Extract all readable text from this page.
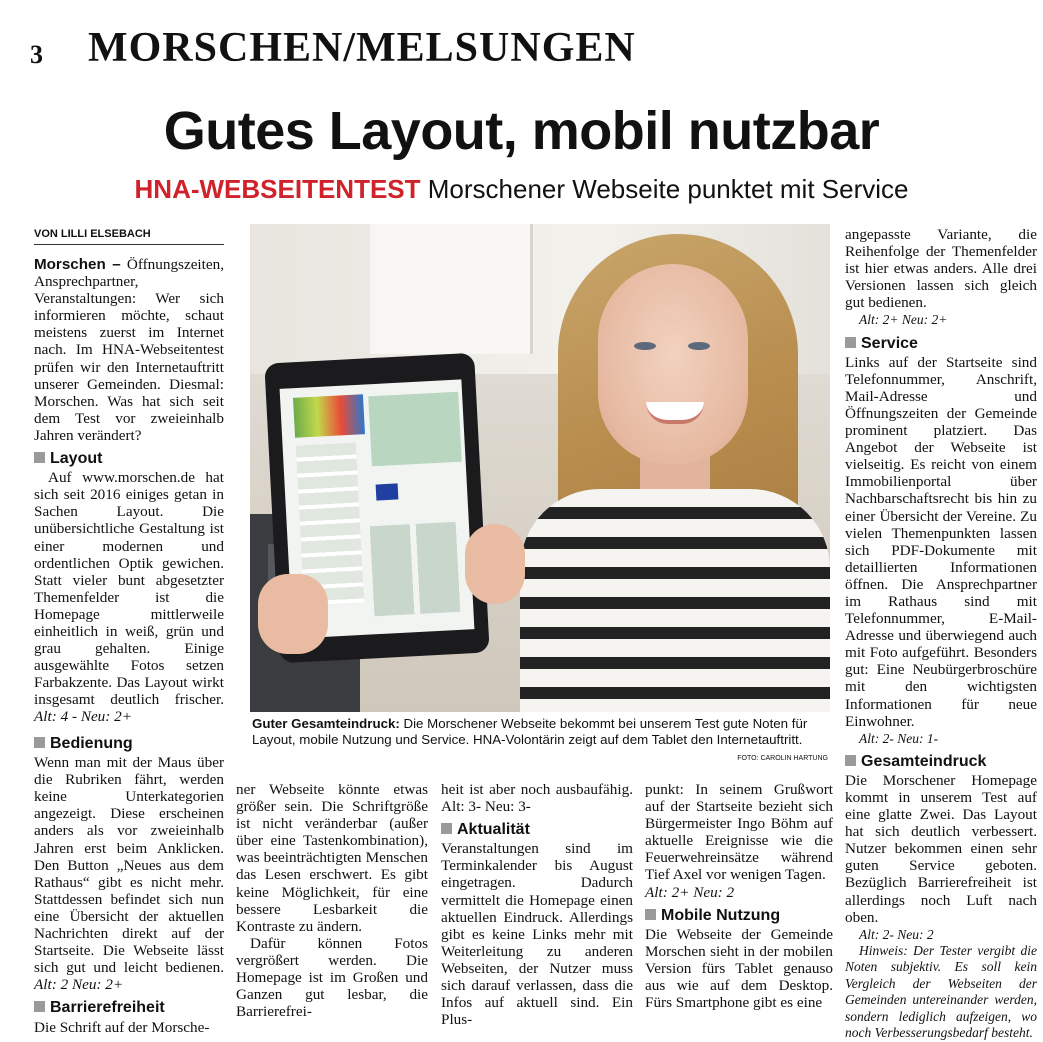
3 MORSCHEN/MELSUNGEN
Gutes Layout, mobil nutzbar
HNA-WEBSEITENTEST Morschener Webseite punktet mit Service
VON LILLI ELSEBACH

Morschen – Öffnungszeiten, Ansprechpartner, Veranstaltungen: Wer sich informieren möchte, schaut meistens zuerst im Internet nach. Im HNA-Webseitentest prüfen wir den Internetauftritt unserer Gemeinden. Diesmal: Morschen. Was hat sich seit dem Test vor zweieinhalb Jahren verändert?

Layout

Auf www.morschen.de hat sich seit 2016 einiges getan in Sachen Layout. Die unübersichtliche Gestaltung ist einer modernen und ordentlichen Optik gewichen. Statt vieler bunt abgesetzter Themenfelder ist die Homepage mittlerweile einheitlich in weiß, grün und grau gehalten. Einige ausgewählte Fotos setzen Farbakzente. Das Layout wirkt insgesamt deutlich frischer. Alt: 4 - Neu: 2+

Bedienung

Wenn man mit der Maus über die Rubriken fährt, werden keine Unterkategorien angezeigt. Diese erscheinen anders als vor zweieinhalb Jahren erst beim Anklicken. Den Button „Neues aus dem Rathaus“ gibt es nicht mehr. Stattdessen befindet sich nun eine Übersicht der aktuellen Nachrichten direkt auf der Startseite. Die Webseite lässt sich gut und leicht bedienen. Alt: 2 Neu: 2+

Barrierefreiheit

Die Schrift auf der Morsche-

Guter Gesamteindruck: Die Morschener Webseite bekommt bei unserem Test gute Noten für Layout, mobile Nutzung und Service. HNA-Volontärin zeigt auf dem Tablet den Internetauftritt.
FOTO: CAROLIN HARTUNG

ner Webseite könnte etwas größer sein. Die Schriftgröße ist nicht veränderbar (außer über eine Tastenkombination), was beeinträchtigten Menschen das Lesen erschwert. Es gibt keine Möglichkeit, für eine bessere Lesbarkeit die Kontraste zu ändern.

Dafür können Fotos vergrößert werden. Die Homepage ist im Großen und Ganzen gut lesbar, die Barrierefrei-

heit ist aber noch ausbaufähig. Alt: 3- Neu: 3-

Aktualität

Veranstaltungen sind im Terminkalender bis August eingetragen. Dadurch vermittelt die Homepage einen aktuellen Eindruck. Allerdings gibt es keine Links mehr mit Weiterleitung zu anderen Webseiten, der Nutzer muss sich darauf verlassen, dass die Infos auf aktuell sind. Ein Plus-

punkt: In seinem Grußwort auf der Startseite bezieht sich Bürgermeister Ingo Böhm auf aktuelle Ereignisse wie die Feuerwehreinsätze während Tief Axel vor wenigen Tagen.
Alt: 2+ Neu: 2

Mobile Nutzung

Die Webseite der Gemeinde Morschen sieht in der mobilen Version fürs Tablet genauso aus wie auf dem Desktop. Fürs Smartphone gibt es eine

angepasste Variante, die Reihenfolge der Themenfelder ist hier etwas anders. Alle drei Versionen lassen sich gleich gut bedienen.

Alt: 2+ Neu: 2+

Service

Links auf der Startseite sind Telefonnummer, Anschrift, Mail-Adresse und Öffnungszeiten der Gemeinde prominent platziert. Das Angebot der Webseite ist vielseitig. Es reicht von einem Immobilienportal über Nachbarschaftsrecht bis hin zu einer Übersicht der Vereine. Zu vielen Themenpunkten lassen sich PDF-Dokumente mit detaillierten Informationen öffnen. Die Ansprechpartner im Rathaus sind mit Telefonnummer, E-Mail-Adresse und überwiegend auch mit Foto aufgeführt. Besonders gut: Eine Neubürgerbroschüre mit den wichtigsten Informationen für neue Einwohner.

Alt: 2- Neu: 1-

Gesamteindruck

Die Morschener Homepage kommt in unserem Test auf eine glatte Zwei. Das Layout hat sich deutlich verbessert. Nutzer bekommen einen sehr guten Service geboten. Bezüglich Barrierefreiheit ist allerdings noch Luft nach oben.

Alt: 2- Neu: 2

Hinweis: Der Tester vergibt die Noten subjektiv. Es soll kein Vergleich der Webseiten der Gemeinden untereinander werden, sondern lediglich aufzeigen, wo noch Verbesserungsbedarf besteht.
